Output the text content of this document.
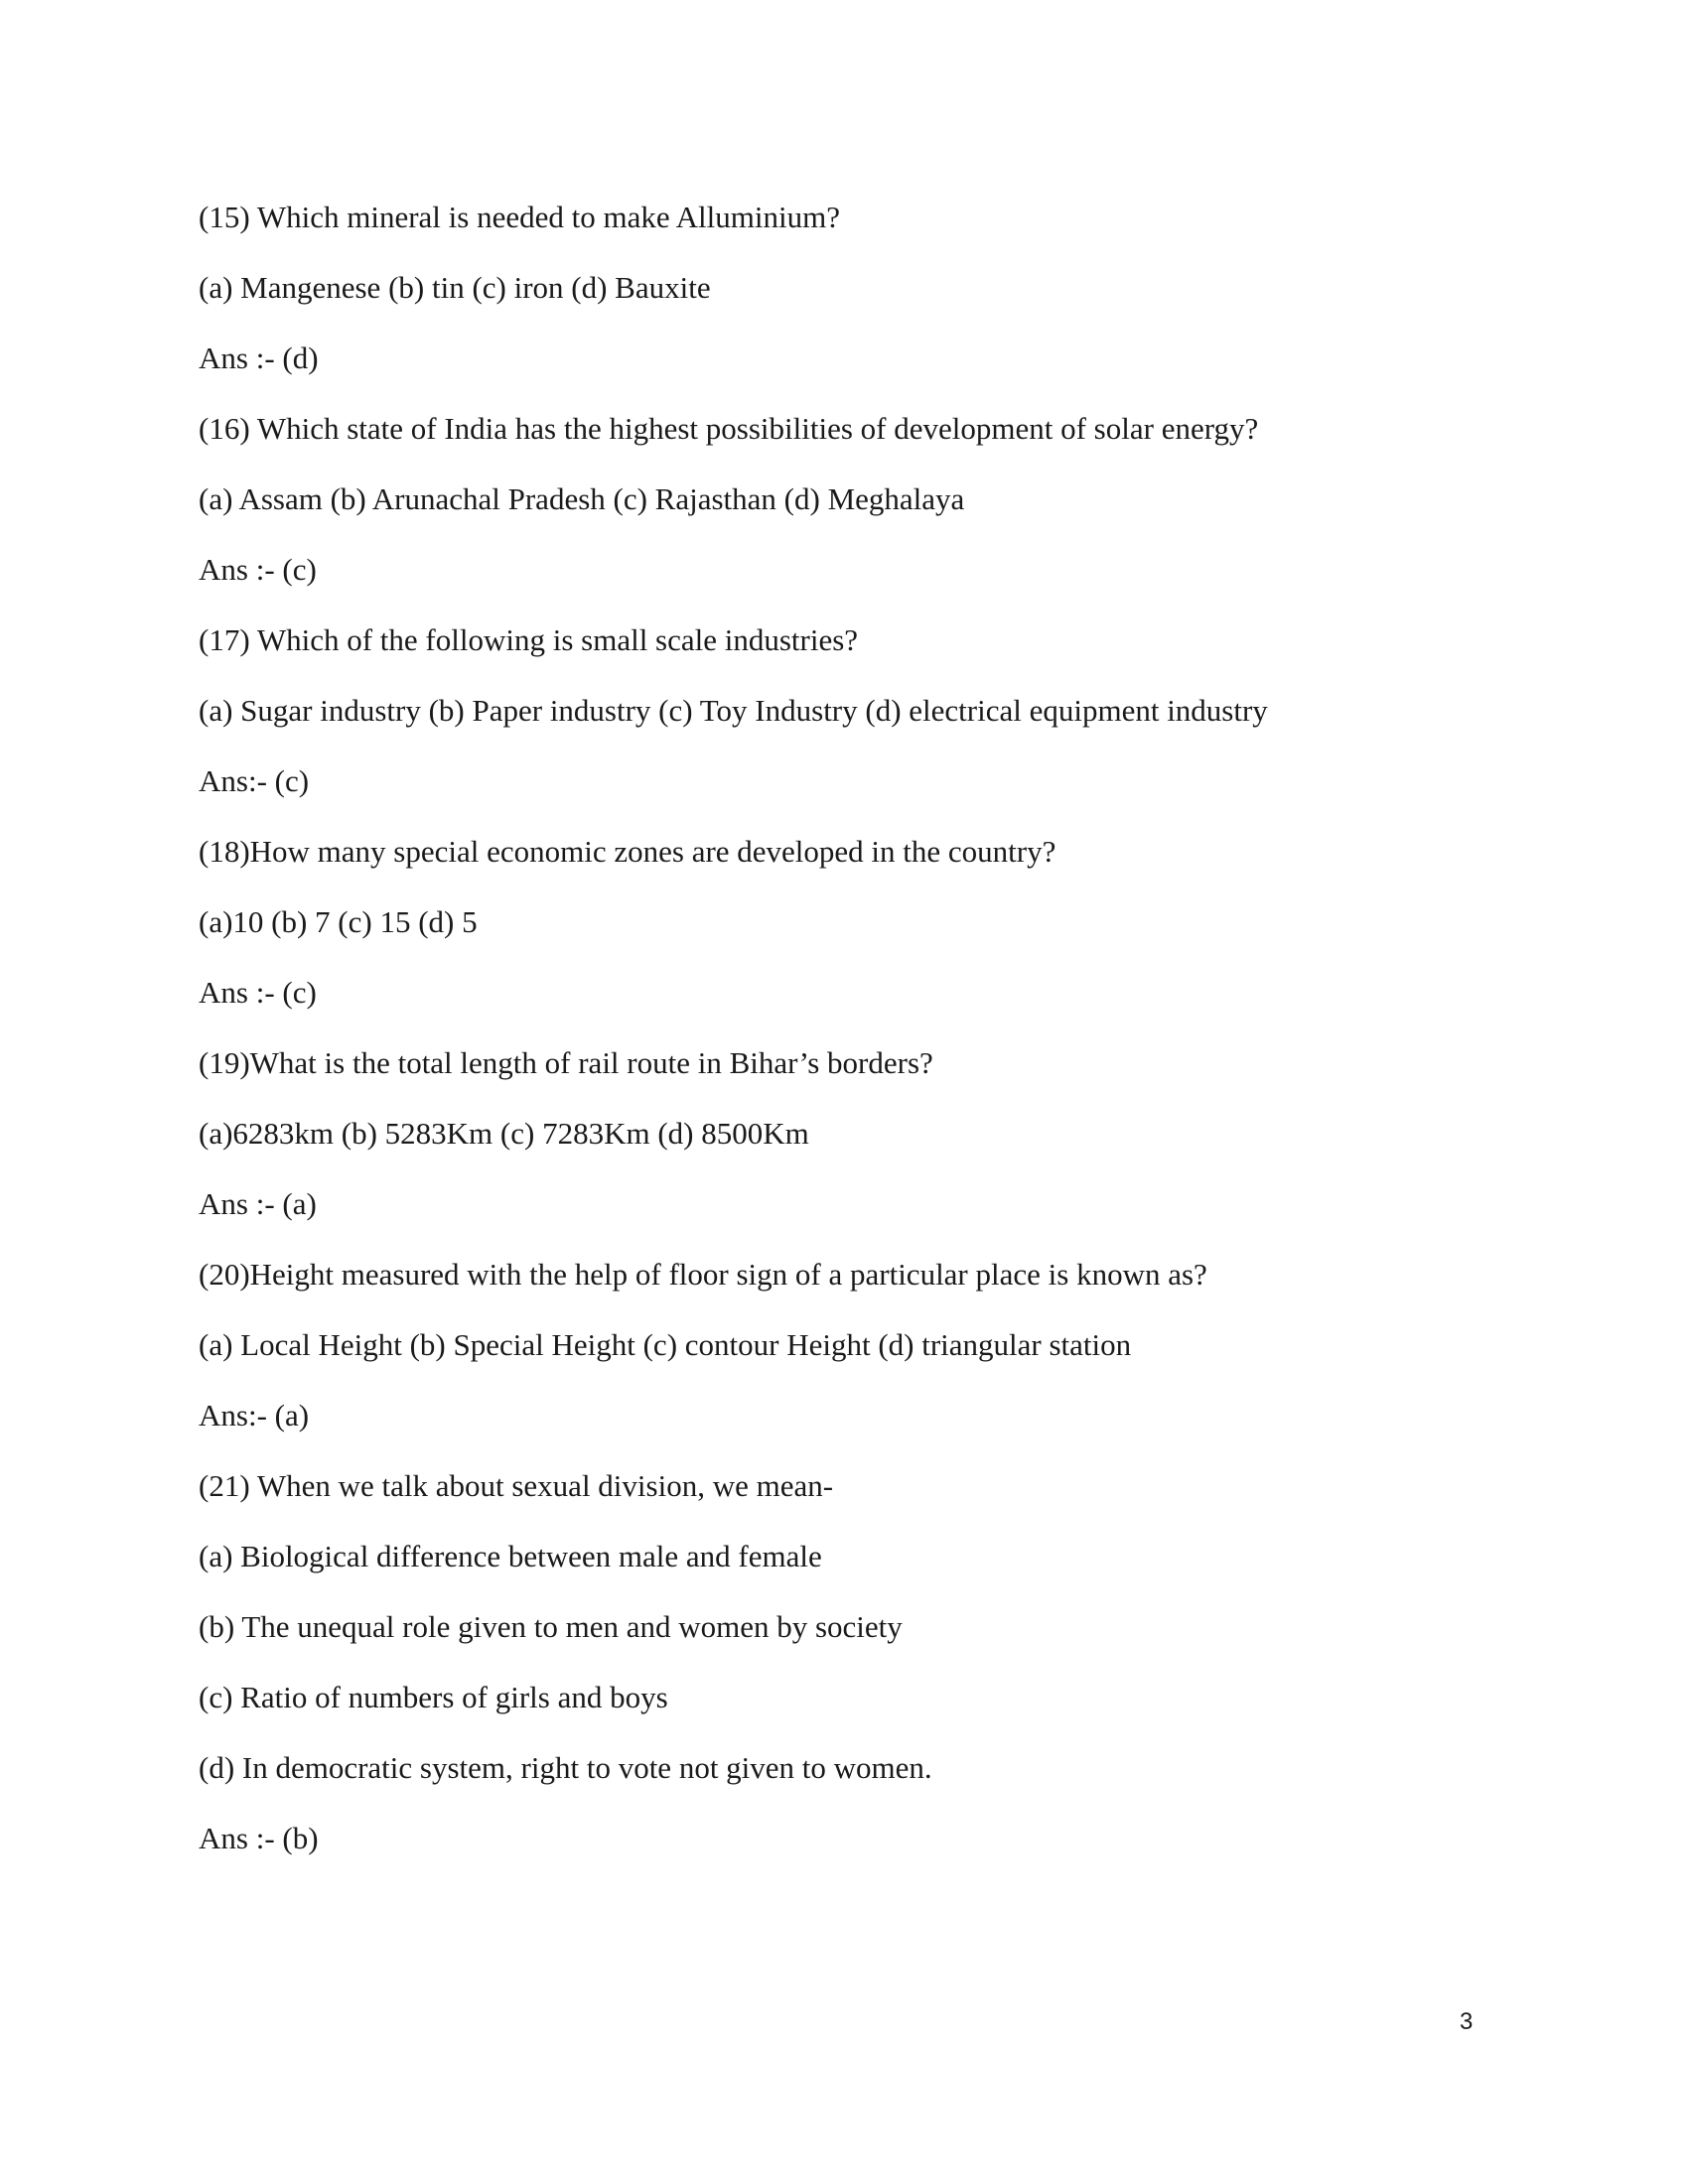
(15) Which mineral is needed to make Alluminium?
(a) Mangenese (b) tin (c) iron (d) Bauxite
Ans :- (d)
(16) Which state of India has the highest possibilities of development of solar energy?
(a) Assam (b) Arunachal Pradesh (c) Rajasthan (d) Meghalaya
Ans :- (c)
(17) Which of the following is small scale industries?
(a) Sugar industry (b) Paper industry (c) Toy Industry (d) electrical equipment industry
Ans:- (c)
(18)How many special economic zones are developed in the country?
(a)10 (b) 7 (c) 15 (d) 5
Ans :- (c)
(19)What is the total length of rail route in Bihar’s borders?
(a)6283km (b) 5283Km (c) 7283Km (d) 8500Km
Ans :- (a)
(20)Height measured with the help of floor sign of a particular place is known as?
(a) Local Height (b) Special Height (c) contour Height (d) triangular station
Ans:- (a)
(21) When we talk about sexual division, we mean-
(a) Biological difference between male and female
(b) The unequal role given to men and women by society
(c) Ratio of numbers of girls and boys
(d) In democratic system, right to vote not given to women.
Ans :- (b)
3
